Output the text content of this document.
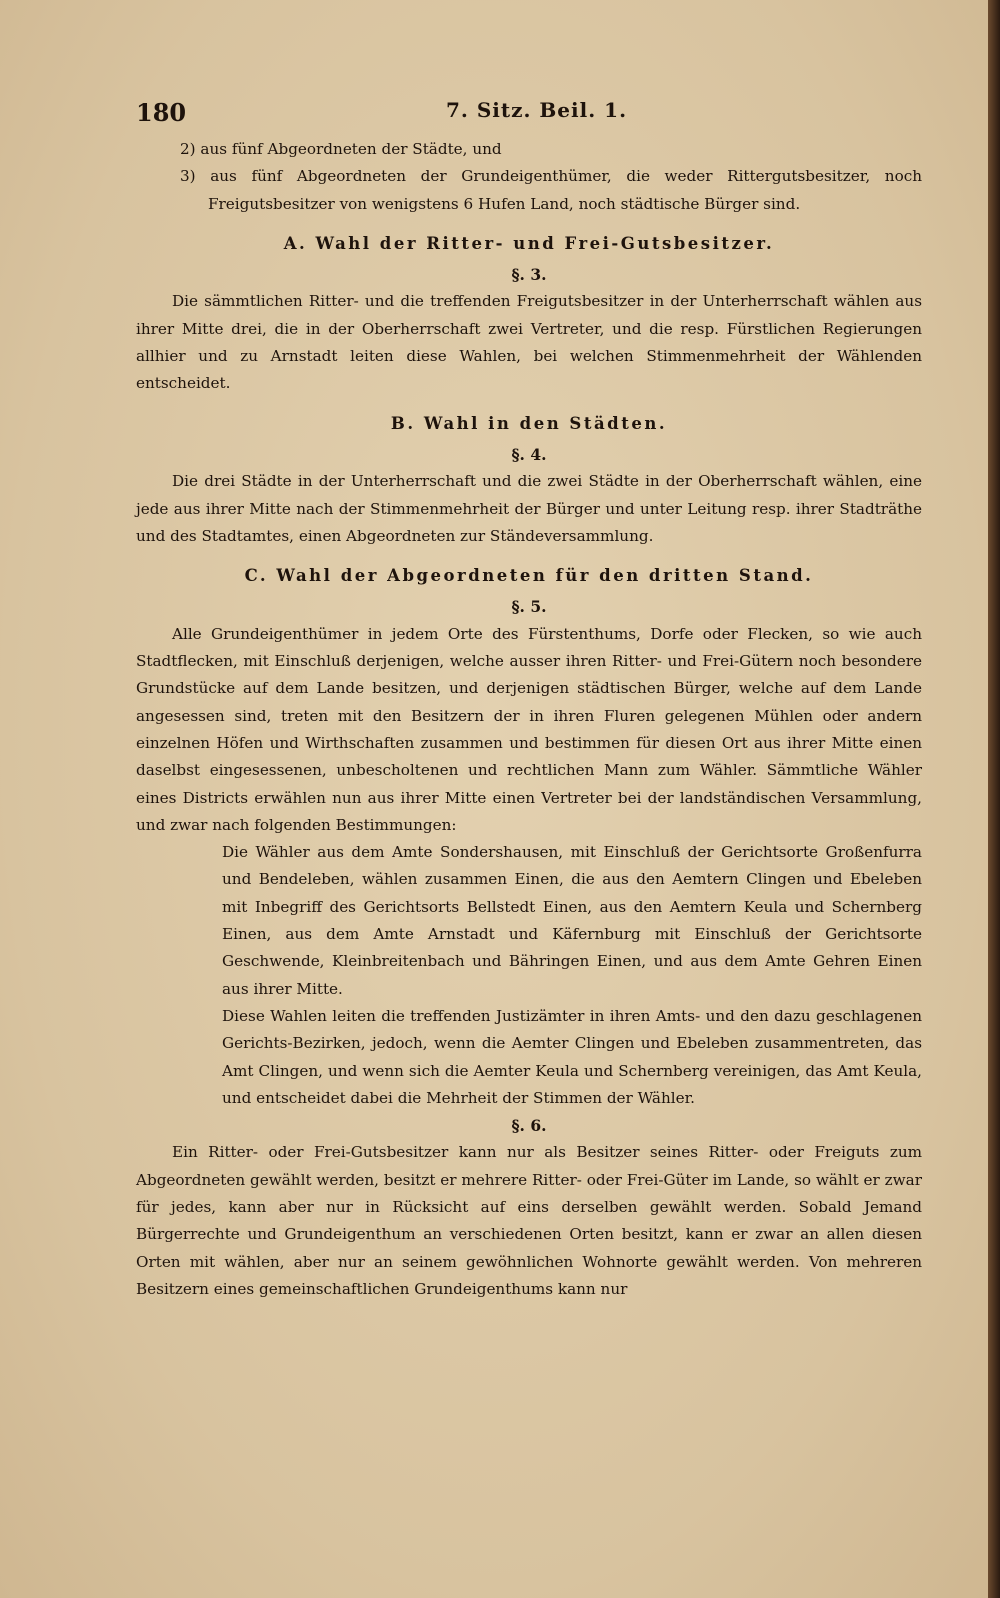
180	7. Sitz. Beil. 1.

2) aus fünf Abgeordneten der Städte, und

3) aus fünf Abgeordneten der Grundeigenthümer, die weder Rittergutsbesitzer, noch Freigutsbesitzer von wenigstens 6 Hufen Land, noch städtische Bürger sind.

A. Wahl der Ritter- und Frei-Gutsbesitzer.
§. 3.

Die sämmtlichen Ritter- und die treffenden Freigutsbesitzer in der Unterherrschaft wählen aus ihrer Mitte drei, die in der Oberherrschaft zwei Vertreter, und die resp. Fürstlichen Regierungen allhier und zu Arnstadt leiten diese Wahlen, bei welchen Stimmenmehrheit der Wählenden entscheidet.

B. Wahl in den Städten.
§. 4.

Die drei Städte in der Unterherrschaft und die zwei Städte in der Oberherrschaft wählen, eine jede aus ihrer Mitte nach der Stimmenmehrheit der Bürger und unter Leitung resp. ihrer Stadträthe und des Stadtamtes, einen Abgeordneten zur Ständeversammlung.

C. Wahl der Abgeordneten für den dritten Stand.
§. 5.

Alle Grundeigenthümer in jedem Orte des Fürstenthums, Dorfe oder Flecken, so wie auch Stadtflecken, mit Einschluß derjenigen, welche ausser ihren Ritter- und Frei-Gütern noch besondere Grundstücke auf dem Lande besitzen, und derjenigen städtischen Bürger, welche auf dem Lande angesessen sind, treten mit den Besitzern der in ihren Fluren gelegenen Mühlen oder andern einzelnen Höfen und Wirthschaften zusammen und bestimmen für diesen Ort aus ihrer Mitte einen daselbst eingesessenen, unbescholtenen und rechtlichen Mann zum Wähler. Sämmtliche Wähler eines Districts erwählen nun aus ihrer Mitte einen Vertreter bei der landständischen Versammlung, und zwar nach folgenden Bestimmungen:

Die Wähler aus dem Amte Sondershausen, mit Einschluß der Gerichtsorte Großenfurra und Bendeleben, wählen zusammen Einen, die aus den Aemtern Clingen und Ebeleben mit Inbegriff des Gerichtsorts Bellstedt Einen, aus den Aemtern Keula und Schernberg Einen, aus dem Amte Arnstadt und Käfernburg mit Einschluß der Gerichtsorte Geschwende, Kleinbreitenbach und Bähringen Einen, und aus dem Amte Gehren Einen aus ihrer Mitte.

Diese Wahlen leiten die treffenden Justizämter in ihren Amts- und den dazu geschlagenen Gerichts-Bezirken, jedoch, wenn die Aemter Clingen und Ebeleben zusammentreten, das Amt Clingen, und wenn sich die Aemter Keula und Schernberg vereinigen, das Amt Keula, und entscheidet dabei die Mehrheit der Stimmen der Wähler.

§. 6.

Ein Ritter- oder Frei-Gutsbesitzer kann nur als Besitzer seines Ritter- oder Freiguts zum Abgeordneten gewählt werden, besitzt er mehrere Ritter- oder Frei-Güter im Lande, so wählt er zwar für jedes, kann aber nur in Rücksicht auf eins derselben gewählt werden. Sobald Jemand Bürgerrechte und Grundeigenthum an verschiedenen Orten besitzt, kann er zwar an allen diesen Orten mit wählen, aber nur an seinem gewöhnlichen Wohnorte gewählt werden. Von mehreren Besitzern eines gemeinschaftlichen Grundeigenthums kann nur
